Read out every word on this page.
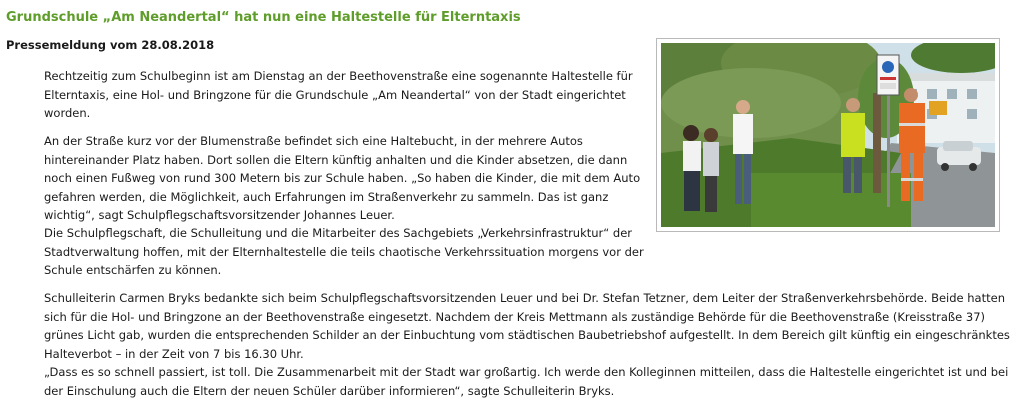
Grundschule „Am Neandertal“ hat nun eine Haltestelle für Elterntaxis

Pressemeldung vom 28.08.2018

Rechtzeitig zum Schulbeginn ist am Dienstag an der Beethovenstraße eine sogenannte Haltestelle für Elterntaxis, eine Hol- und Bringzone für die Grundschule „Am Neandertal“ von der Stadt eingerichtet worden.

An der Straße kurz vor der Blumenstraße befindet sich eine Haltebucht, in der mehrere Autos hintereinander Platz haben. Dort sollen die Eltern künftig anhalten und die Kinder absetzen, die dann noch einen Fußweg von rund 300 Metern bis zur Schule haben. „So haben die Kinder, die mit dem Auto gefahren werden, die Möglichkeit, auch Erfahrungen im Straßenverkehr zu sammeln. Das ist ganz wichtig“, sagt Schulpflegschaftsvorsitzender Johannes Leuer.

Die Schulpflegschaft, die Schulleitung und die Mitarbeiter des Sachgebiets „Verkehrsinfrastruktur“ der Stadtverwaltung hoffen, mit der Elternhaltestelle die teils chaotische Verkehrssituation morgens vor der Schule entschärfen zu können.

Schulleiterin Carmen Bryks bedankte sich beim Schulpflegschaftsvorsitzenden Leuer und bei Dr. Stefan Tetzner, dem Leiter der Straßenverkehrsbehörde. Beide hatten sich für die Hol- und Bringzone an der Beethovenstraße eingesetzt. Nachdem der Kreis Mettmann als zuständige Behörde für die Beethovenstraße (Kreisstraße 37) grünes Licht gab, wurden die entsprechenden Schilder an der Einbuchtung vom städtischen Baubetriebshof aufgestellt. In dem Bereich gilt künftig ein eingeschränktes Halteverbot – in der Zeit von 7 bis 16.30 Uhr.

„Dass es so schnell passiert, ist toll. Die Zusammenarbeit mit der Stadt war großartig. Ich werde den Kolleginnen mitteilen, dass die Haltestelle eingerichtet ist und bei der Einschulung auch die Eltern der neuen Schüler darüber informieren“, sagte Schulleiterin Bryks.
